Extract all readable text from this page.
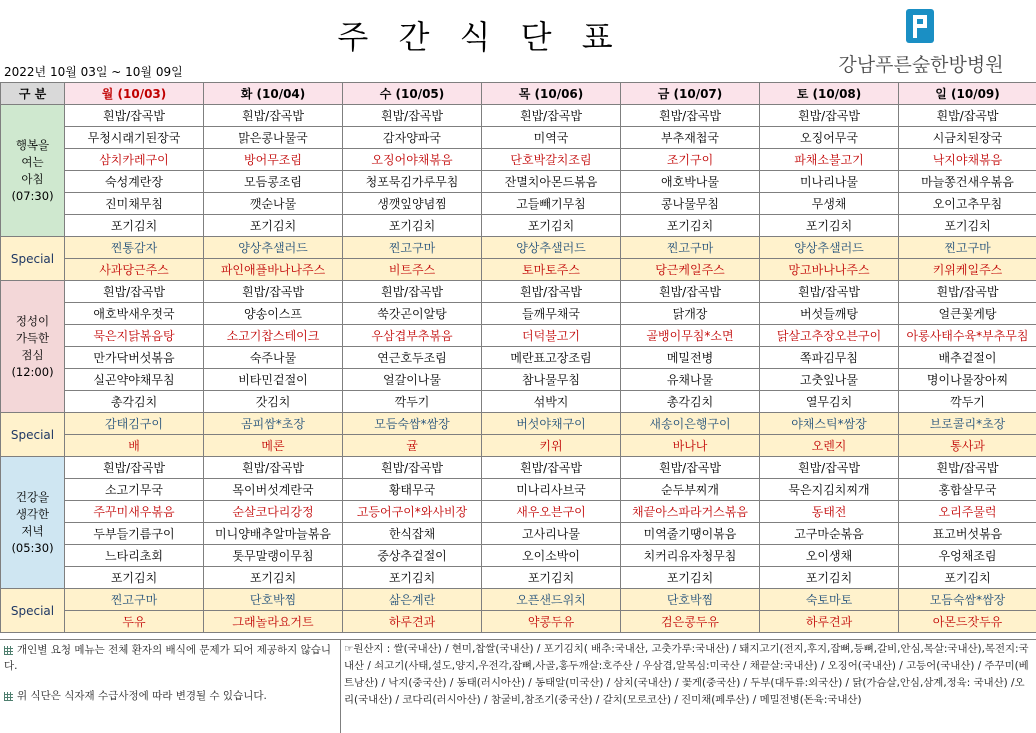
주 간 식 단 표
2022년 10월 03일 ~ 10월 09일	강남푸른숲한방병원
구 분	월 (10/03)	화 (10/04)	수 (10/05)	목 (10/06)	금 (10/07)	토 (10/08)	일 (10/09)

행복을
여는
아침
(07:30)	흰밥/잡곡밥	흰밥/잡곡밥	흰밥/잡곡밥	흰밥/잡곡밥	흰밥/잡곡밥	흰밥/잡곡밥	흰밥/잡곡밥
	무청시래기된장국	맑은콩나물국	감자양파국	미역국	부추재첩국	오징어무국	시금치된장국
	삼치카레구이	방어무조림	오징어야채볶음	단호박갈치조림	조기구이	파채소불고기	낙지야채볶음
	숙성계란장	모듬콩조림	청포묵김가루무침	잔멸치아몬드볶음	애호박나물	미나리나물	마늘쫑건새우볶음
	진미채무침	깻순나물	생깻잎양념찜	고들빼기무침	콩나물무침	무생채	오이고추무침
	포기김치	포기김치	포기김치	포기김치	포기김치	포기김치	포기김치
Special	찐통감자	양상추샐러드	찐고구마	양상추샐러드	찐고구마	양상추샐러드	찐고구마
	사과당근주스	파인애플바나나주스	비트주스	토마토주스	당근케일주스	망고바나나주스	키위케일주스

정성이
가득한
점심
(12:00)	흰밥/잡곡밥	흰밥/잡곡밥	흰밥/잡곡밥	흰밥/잡곡밥	흰밥/잡곡밥	흰밥/잡곡밥	흰밥/잡곡밥
	애호박새우젓국	양송이스프	쑥갓곤이알탕	들깨무채국	닭개장	버섯들깨탕	얼큰꽃게탕
	묵은지닭볶음탕	소고기찹스테이크	우삼겹부추볶음	더덕불고기	골뱅이무침*소면	닭살고추장오븐구이	아롱사태수육*부추무침
	만가닥버섯볶음	숙주나물	연근호두조림	메란표고장조림	메밀전병	쪽파김무침	배추겉절이
	실곤약야채무침	비타민겉절이	얼갈이나물	참나물무침	유채나물	고춧잎나물	명이나물장아찌
	총각김치	갓김치	깍두기	섞박지	총각김치	열무김치	깍두기
Special	감태김구이	곰피쌈*초장	모듬숙쌈*쌈장	버섯야채구이	새송이은행구이	야채스틱*쌈장	브로콜리*초장
	배	메론	귤	키위	바나나	오렌지	통사과

건강을
생각한
저녁
(05:30)	흰밥/잡곡밥	흰밥/잡곡밥	흰밥/잡곡밥	흰밥/잡곡밥	흰밥/잡곡밥	흰밥/잡곡밥	흰밥/잡곡밥
	소고기무국	목이버섯계란국	황태무국	미나리사브국	순두부찌개	묵은지김치찌개	홍합살무국
	주꾸미새우볶음	순살코다리강정	고등어구이*와사비장	새우오븐구이	채끝아스파라거스볶음	동태전	오리주물럭
	두부들기름구이	미니양배추알마늘볶음	한식잡채	고사리나물	미역줄기땡이볶음	고구마순볶음	표고버섯볶음
	느타리초회	톳무말랭이무침	중상추겉절이	오이소박이	치커리유자청무침	오이생채	우엉채조림
	포기김치	포기김치	포기김치	포기김치	포기김치	포기김치	포기김치
Special	찐고구마	단호박찜	삶은계란	오픈샌드위치	단호박찜	숙토마토	모듬숙쌈*쌈장
	두유	그래놀라요거트	하루견과	약콩두유	검은콩두유	하루견과	아몬드잣두유

개인별 요청 메뉴는 전체 환자의 배식에 문제가 되어 제공하지 않습니다.

위 식단은 식자재 수급사정에 따라 변경될 수 있습니다.

☞원산지 : 쌀(국내산) / 현미,찹쌀(국내산) / 포기김치( 배추:국내산, 고춧가루:국내산) / 돼지고기(전지,후지,잡뼈,등뼈,갈비,안심,목살:국내산),목전지:국내산 / 쇠고기(사태,설도,양지,우전각,잡뼈,사골,홍두깨살:호주산 / 우삼겹,알목심:미국산 / 채끝살:국내산) / 오징어(국내산) / 고등어(국내산) / 주꾸미(베트남산) / 낙지(중국산) / 동태(러시아산) / 동태알(미국산) / 삼치(국내산) / 꽃게(중국산) / 두부(대두류:외국산) / 닭(가슴살,안심,삼계,정육: 국내산) /오리(국내산) / 코다리(러시아산) / 참굴비,참조기(중국산) / 갈치(모로코산) / 진미채(페루산) / 메밀전병(돈육:국내산)
